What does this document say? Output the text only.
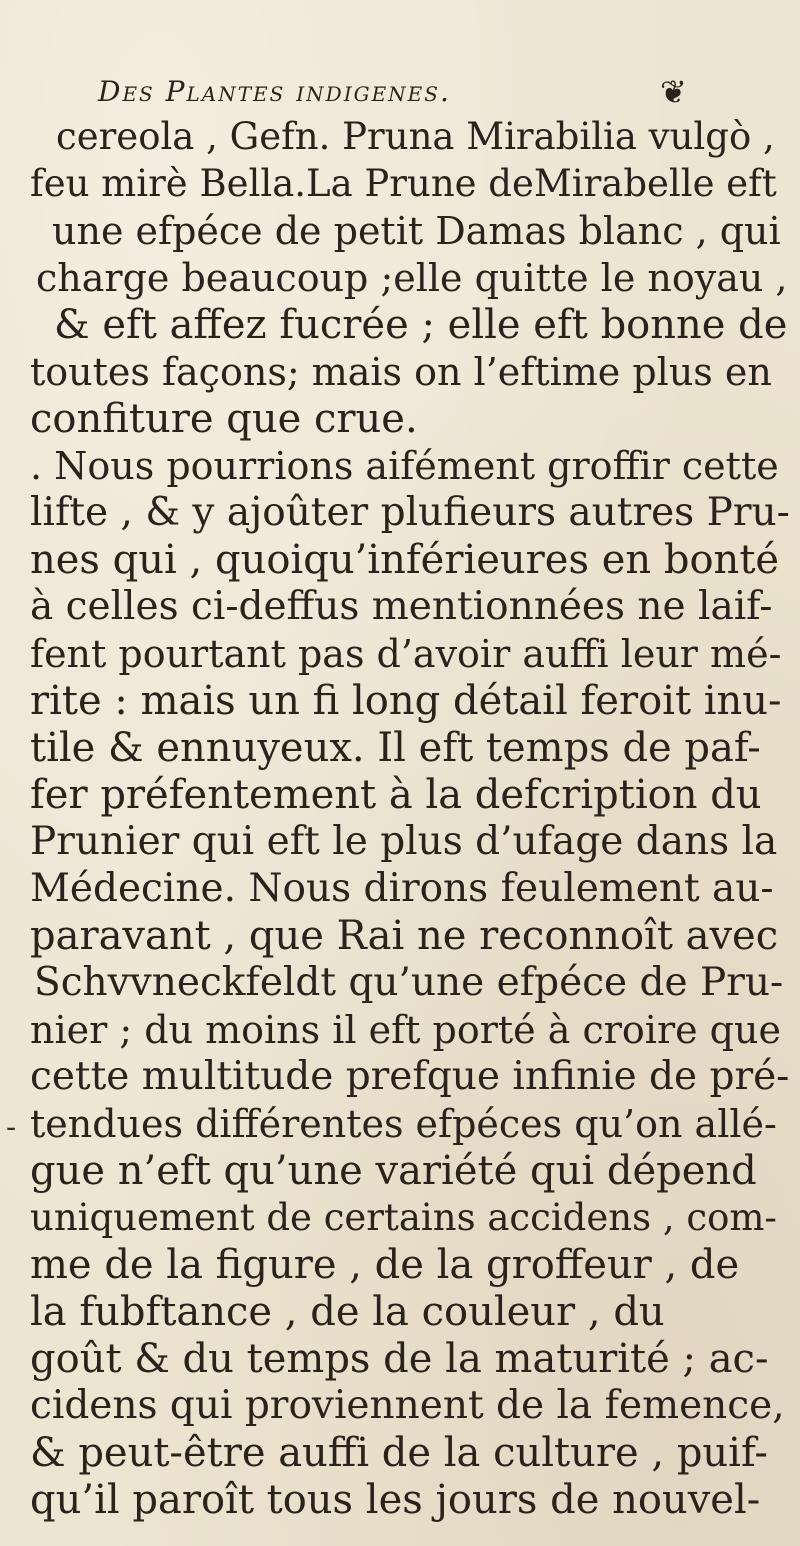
Des Plantes indigenes.	❦
cereola , Gefn. Pruna Mirabilia vulgò ,
feu mirè Bella.La Prune deMirabelle eft
une efpéce de petit Damas blanc , qui
charge beaucoup ;elle quitte le noyau ,
& eft affez fucrée ; elle eft bonne de
toutes façons; mais on l’eftime plus en
confiture que crue.
. Nous pourrions aifément groffir cette
lifte , & y ajoûter plufieurs autres Pru-
nes qui , quoiqu’inférieures en bonté
à celles ci-deffus mentionnées ne laif-
fent pourtant pas d’avoir auffi leur mé-
rite : mais un fi long détail feroit inu-
tile & ennuyeux. Il eft temps de paf-
fer préfentement à la defcription du
Prunier qui eft le plus d’ufage dans la
Médecine. Nous dirons feulement au-
paravant , que Rai ne reconnoît avec
Schvvneckfeldt qu’une efpéce de Pru-
nier ; du moins il eft porté à croire que
cette multitude prefque infinie de pré-
tendues différentes efpéces qu’on allé-
gue n’eft qu’une variété qui dépend
uniquement de certains accidens , com-
me de la figure , de la groffeur , de
la fubftance , de la couleur , du
goût & du temps de la maturité ; ac-
cidens qui proviennent de la femence,
& peut-être auffi de la culture , puif-
qu’il paroît tous les jours de nouvel-
-
